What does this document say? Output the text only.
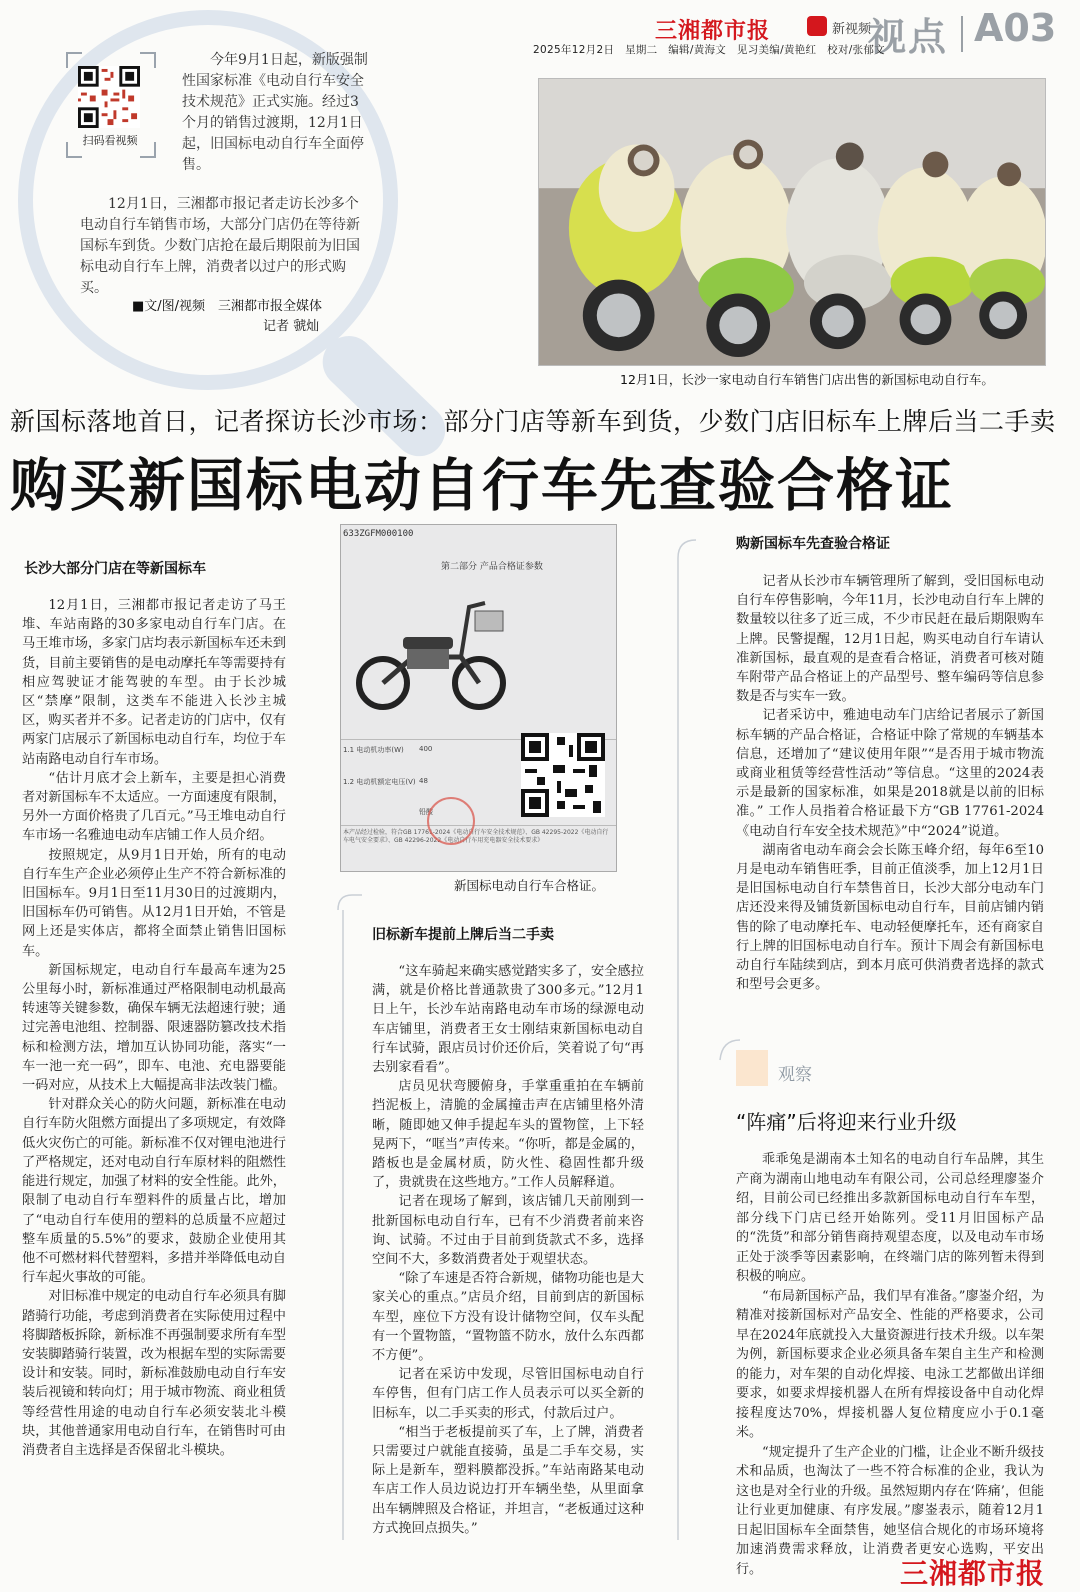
三湘都市报	新视频
视点 A03
2025年12月2日　星期二　编辑/黄海文　见习美编/黄艳红　校对/张郁文
扫码看视频

今年9月1日起，新版强制性国家标准《电动自行车安全技术规范》正式实施。经过3个月的销售过渡期，12月1日起，旧国标电动自行车全面停售。

12月1日，三湘都市报记者走访长沙多个电动自行车销售市场，大部分门店仍在等待新国标车到货。少数门店抢在最后期限前为旧国标电动自行车上牌，消费者以过户的形式购买。

■文/图/视频　三湘都市报全媒体
记者 虢灿
12月1日，长沙一家电动自行车销售门店出售的新国标电动自行车。
新国标落地首日，记者探访长沙市场：部分门店等新车到货，少数门店旧标车上牌后当二手卖
购买新国标电动自行车先查验合格证
长沙大部分门店在等新国标车

12月1日，三湘都市报记者走访了马王堆、车站南路的30多家电动自行车门店。在马王堆市场，多家门店均表示新国标车还未到货，目前主要销售的是电动摩托车等需要持有相应驾驶证才能驾驶的车型。由于长沙城区“禁摩”限制，这类车不能进入长沙主城区，购买者并不多。记者走访的门店中，仅有两家门店展示了新国标电动自行车，均位于车站南路电动自行车市场。

“估计月底才会上新车，主要是担心消费者对新国标车不太适应。一方面速度有限制，另外一方面价格贵了几百元。”马王堆电动自行车市场一名雅迪电动车店铺工作人员介绍。

按照规定，从9月1日开始，所有的电动自行车生产企业必须停止生产不符合新标准的旧国标车。9月1日至11月30日的过渡期内，旧国标车仍可销售。从12月1日开始，不管是网上还是实体店，都将全面禁止销售旧国标车。

新国标规定，电动自行车最高车速为25公里每小时，新标准通过严格限制电动机最高转速等关键参数，确保车辆无法超速行驶；通过完善电池组、控制器、限速器防篡改技术指标和检测方法，增加互认协同功能，落实“一车一池一充一码”，即车、电池、充电器要能一码对应，从技术上大幅提高非法改装门槛。

针对群众关心的防火问题，新标准在电动自行车防火阻燃方面提出了多项规定，有效降低火灾伤亡的可能。新标准不仅对锂电池进行了严格规定，还对电动自行车原材料的阻燃性能进行规定，加强了材料的安全性能。此外，限制了电动自行车塑料件的质量占比，增加了“电动自行车使用的塑料的总质量不应超过整车质量的5.5%”的要求，鼓励企业使用其他不可燃材料代替塑料，多措并举降低电动自行车起火事故的可能。

对旧标准中规定的电动自行车必须具有脚踏骑行功能，考虑到消费者在实际使用过程中将脚踏板拆除，新标准不再强制要求所有车型安装脚踏骑行装置，改为根据车型的实际需要设计和安装。同时，新标准鼓励电动自行车安装后视镜和转向灯；用于城市物流、商业租赁等经营性用途的电动自行车必须安装北斗模块，其他普通家用电动自行车，在销售时可由消费者自主选择是否保留北斗模块。

633ZGFM000100
第二部分 产品合格证参数
1.1 电动机功率(W) 400
1.2 电动机额定电压(V) 48
铅酸
本产品经过检验，符合GB 17761-2024《电动自行车安全技术规范》、GB 42295-2022《电动自行车电气安全要求》、GB 42296-2022《电动自行车用充电器安全技术要求》
新国标电动自行车合格证。
旧标新车提前上牌后当二手卖

“这车骑起来确实感觉踏实多了，安全感拉满，就是价格比普通款贵了300多元。”12月1日上午，长沙车站南路电动车市场的绿源电动车店铺里，消费者王女士刚结束新国标电动自行车试骑，跟店员讨价还价后，笑着说了句“再去别家看看”。

店员见状弯腰俯身，手掌重重拍在车辆前挡泥板上，清脆的金属撞击声在店铺里格外清晰，随即她又伸手提起车头的置物筐，上下轻晃两下，“哐当”声传来。“你听，都是金属的，踏板也是金属材质，防火性、稳固性都升级了，贵就贵在这些地方。”工作人员解释道。

记者在现场了解到，该店铺几天前刚到一批新国标电动自行车，已有不少消费者前来咨询、试骑。不过由于目前到货款式不多，选择空间不大，多数消费者处于观望状态。

“除了车速是否符合新规，储物功能也是大家关心的重点。”店员介绍，目前到店的新国标车型，座位下方没有设计储物空间，仅车头配有一个置物篮，“置物篮不防水，放什么东西都不方便”。

记者在采访中发现，尽管旧国标电动自行车停售，但有门店工作人员表示可以买全新的旧标车，以二手买卖的形式，付款后过户。

“相当于老板提前买了车，上了牌，消费者只需要过户就能直接骑，虽是二手车交易，实际上是新车，塑料膜都没拆。”车站南路某电动车店工作人员边说边打开车辆坐垫，从里面拿出车辆牌照及合格证，并坦言，“老板通过这种方式挽回点损失。”

购新国标车先查验合格证

记者从长沙市车辆管理所了解到，受旧国标电动自行车停售影响，今年11月，长沙电动自行车上牌的数量较以往多了近三成，不少市民赶在最后期限购车上牌。民警提醒，12月1日起，购买电动自行车请认准新国标，最直观的是查看合格证，消费者可核对随车附带产品合格证上的产品型号、整车编码等信息参数是否与实车一致。

记者采访中，雅迪电动车门店给记者展示了新国标车辆的产品合格证，合格证中除了常规的车辆基本信息，还增加了“建议使用年限”“是否用于城市物流或商业租赁等经营性活动”等信息。“这里的2024表示是最新的国家标准，如果是2018就是以前的旧标准。” 工作人员指着合格证最下方“GB 17761-2024《电动自行车安全技术规范》”中“2024”说道。

湖南省电动车商会会长陈玉峰介绍，每年6至10月是电动车销售旺季，目前正值淡季，加上12月1日是旧国标电动自行车禁售首日，长沙大部分电动车门店还没来得及铺货新国标电动自行车，目前店铺内销售的除了电动摩托车、电动轻便摩托车，还有商家自行上牌的旧国标电动自行车。预计下周会有新国标电动自行车陆续到店，到本月底可供消费者选择的款式和型号会更多。

观察
“阵痛”后将迎来行业升级

乖乖兔是湖南本土知名的电动自行车品牌，其生产商为湖南山地电动车有限公司，公司总经理廖崟介绍，目前公司已经推出多款新国标电动自行车车型，部分线下门店已经开始陈列。受11月旧国标产品的“洗货”和部分销售商持观望态度，以及电动车市场正处于淡季等因素影响，在终端门店的陈列暂未得到积极的响应。

“布局新国标产品，我们早有准备。”廖崟介绍，为精准对接新国标对产品安全、性能的严格要求，公司早在2024年底就投入大量资源进行技术升级。以车架为例，新国标要求企业必须具备车架自主生产和检测的能力，对车架的自动化焊接、电泳工艺都做出详细要求，如要求焊接机器人在所有焊接设备中自动化焊接程度达70%，焊接机器人复位精度应小于0.1毫米。

“规定提升了生产企业的门槛，让企业不断升级技术和品质，也淘汰了一些不符合标准的企业，我认为这也是对全行业的升级。虽然短期内存在‘阵痛’，但能让行业更加健康、有序发展。”廖崟表示，随着12月1日起旧国标车全面禁售，她坚信合规化的市场环境将加速消费需求释放，让消费者更安心选购，平安出行。	三湘都市报
